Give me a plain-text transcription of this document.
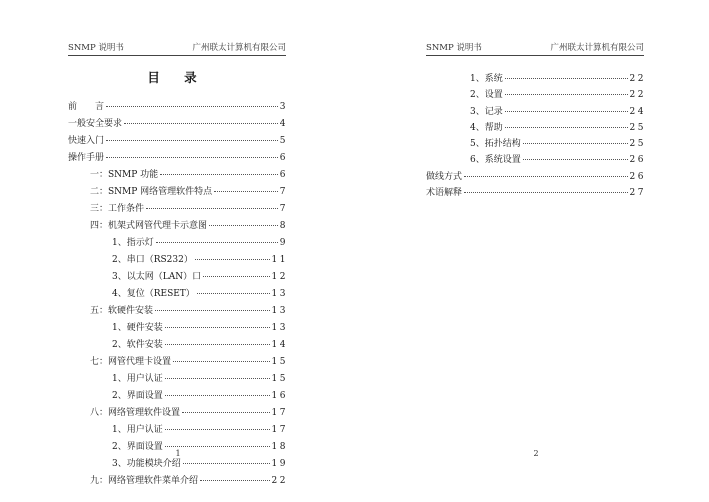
SNMP 说明书	广州联太计算机有限公司
目 录
前　　言	3
一般安全要求	4
快速入门	5
操作手册	6
一：SNMP 功能	6
二：SNMP 网络管理软件特点	7
三：工作条件	7
四：机架式网管代理卡示意图	8
1、指示灯	9
2、串口（RS232）	11
3、以太网（LAN）口	12
4、复位（RESET）	13
五：软硬件安装	13
1、硬件安装	13
2、软件安装	14
七：网管代理卡设置	15
1、用户认证	15
2、界面设置	16
八：网络管理软件设置	17
1、用户认证	17
2、界面设置	18
3、功能模块介绍	19
九：网络管理软件菜单介绍	22
1
SNMP 说明书	广州联太计算机有限公司
1、系统	22
2、设置	22
3、记录	24
4、帮助	25
5、拓扑结构	25
6、系统设置	26
做线方式	26
术语解释	27
2
